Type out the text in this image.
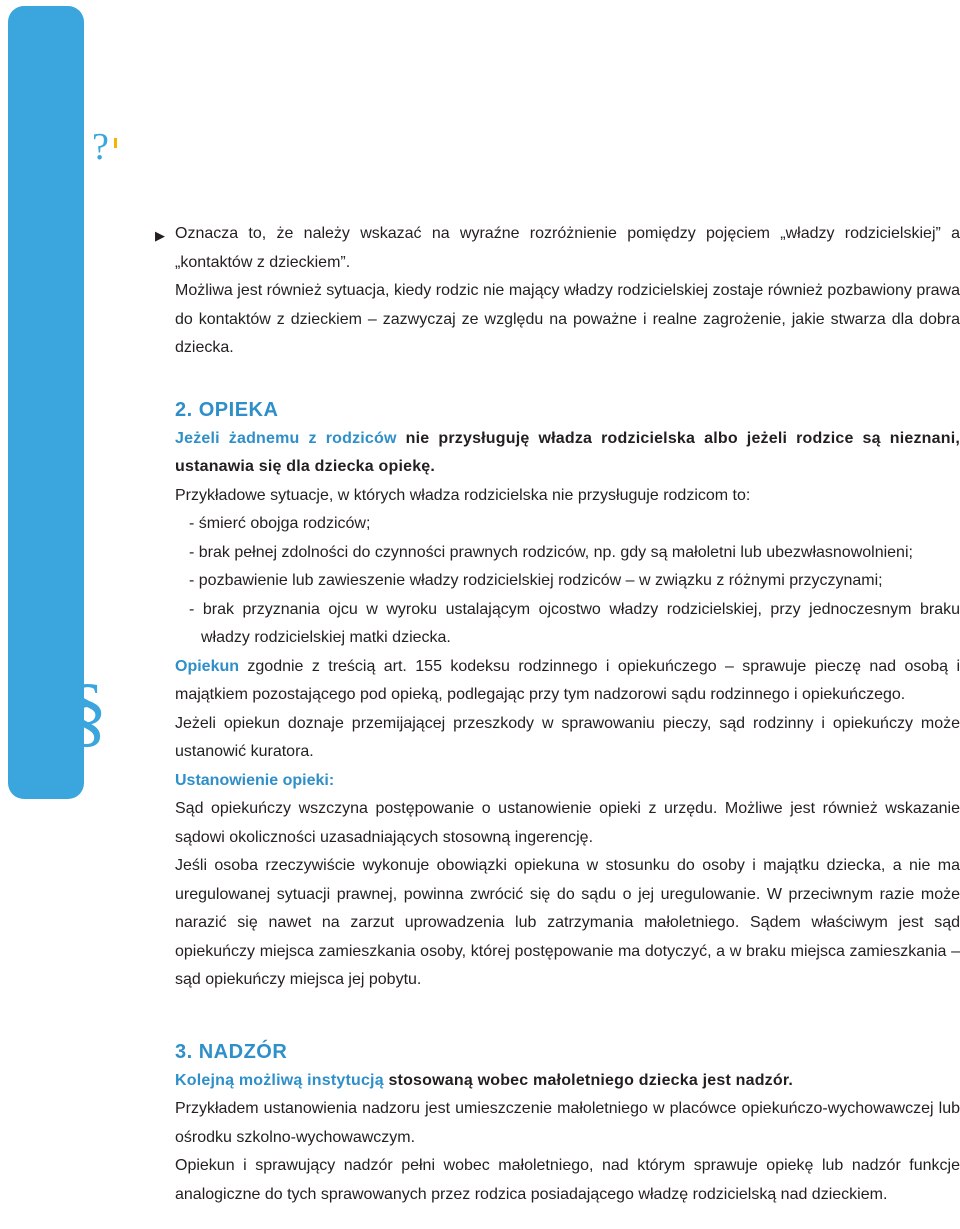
?
§
▶ Oznacza to, że należy wskazać na wyraźne rozróżnienie pomiędzy pojęciem „władzy rodzicielskiej” a „kontaktów z dzieckiem”.

Możliwa jest również sytuacja, kiedy rodzic nie mający władzy rodzicielskiej zostaje również pozbawiony prawa do kontaktów z dzieckiem – zazwyczaj ze względu na poważne i realne zagrożenie, jakie stwarza dla dobra dziecka.

2. OPIEKA

Jeżeli żadnemu z rodziców nie przysługuję władza rodzicielska albo jeżeli rodzice są nieznani, ustanawia się dla dziecka opiekę.

Przykładowe sytuacje, w których władza rodzicielska nie przysługuje rodzicom to:

- śmierć obojga rodziców;
- brak pełnej zdolności do czynności prawnych rodziców, np. gdy są małoletni lub ubezwłasnowolnieni;
- pozbawienie lub zawieszenie władzy rodzicielskiej rodziców – w związku z różnymi przyczynami;
- brak przyznania ojcu w wyroku ustalającym ojcostwo władzy rodzicielskiej, przy jednoczesnym braku władzy rodzicielskiej matki dziecka.

Opiekun zgodnie z treścią art. 155 kodeksu rodzinnego i opiekuńczego – sprawuje pieczę nad osobą i majątkiem pozostającego pod opieką, podlegając przy tym nadzorowi sądu rodzinnego i opiekuńczego.

Jeżeli opiekun doznaje przemijającej przeszkody w sprawowaniu pieczy, sąd rodzinny i opiekuńczy może ustanowić kuratora.

Ustanowienie opieki:

Sąd opiekuńczy wszczyna postępowanie o ustanowienie opieki z urzędu. Możliwe jest również wskazanie sądowi okoliczności uzasadniających stosowną ingerencję.

Jeśli osoba rzeczywiście wykonuje obowiązki opiekuna w stosunku do osoby i majątku dziecka, a nie ma uregulowanej sytuacji prawnej, powinna zwrócić się do sądu o jej uregulowanie. W przeciwnym razie może narazić się nawet na zarzut uprowadzenia lub zatrzymania małoletniego. Sądem właściwym jest sąd opiekuńczy miejsca zamieszkania osoby, której postępowanie ma dotyczyć, a w braku miejsca zamieszkania – sąd opiekuńczy miejsca jej pobytu.

3. NADZÓR

Kolejną możliwą instytucją stosowaną wobec małoletniego dziecka jest nadzór.

Przykładem ustanowienia nadzoru jest umieszczenie małoletniego w placówce opiekuńczo-wychowawczej lub ośrodku szkolno-wychowawczym.

Opiekun i sprawujący nadzór pełni wobec małoletniego, nad którym sprawuje opiekę lub nadzór funkcje analogiczne do tych sprawowanych przez rodzica posiadającego władzę rodzicielską nad dzieckiem.
